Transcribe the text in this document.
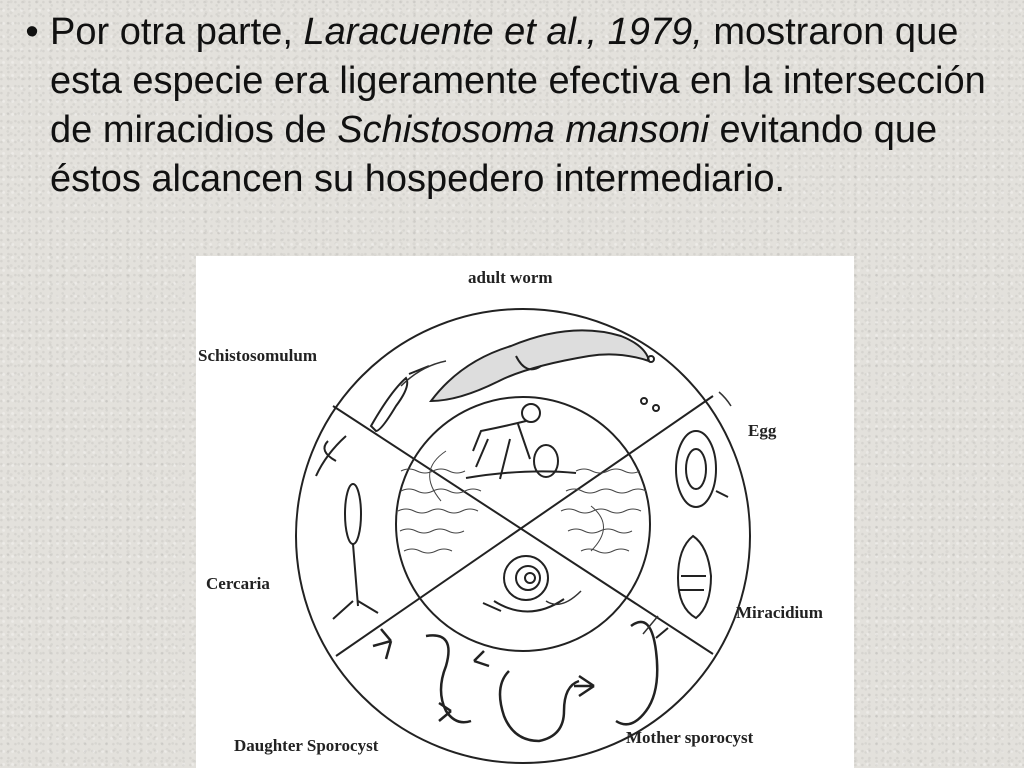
• Por otra parte, Laracuente et al., 1979, mostraron que esta especie era ligeramente efectiva en la intersección de miracidios de Schistosoma mansoni evitando que éstos alcancen su hospedero intermediario.
adult worm
Egg
Miracidium
Mother sporocyst
Daughter Sporocyst
Cercaria
Schistosomulum
